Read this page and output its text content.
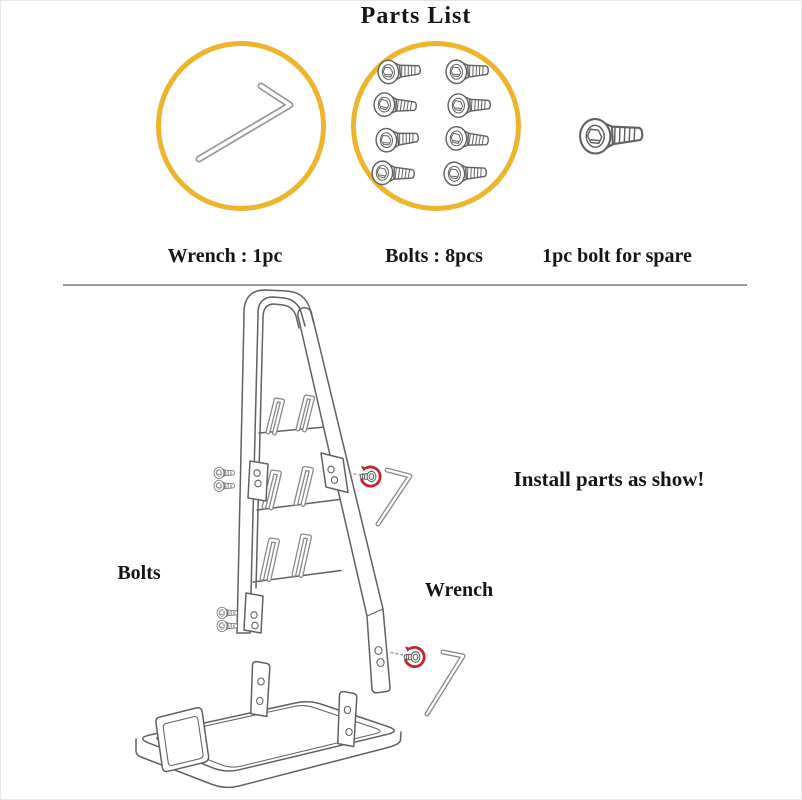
Parts List
Wrench : 1pc	Bolts : 8pcs	1pc bolt for spare
Install parts as show!
Bolts
Wrench
